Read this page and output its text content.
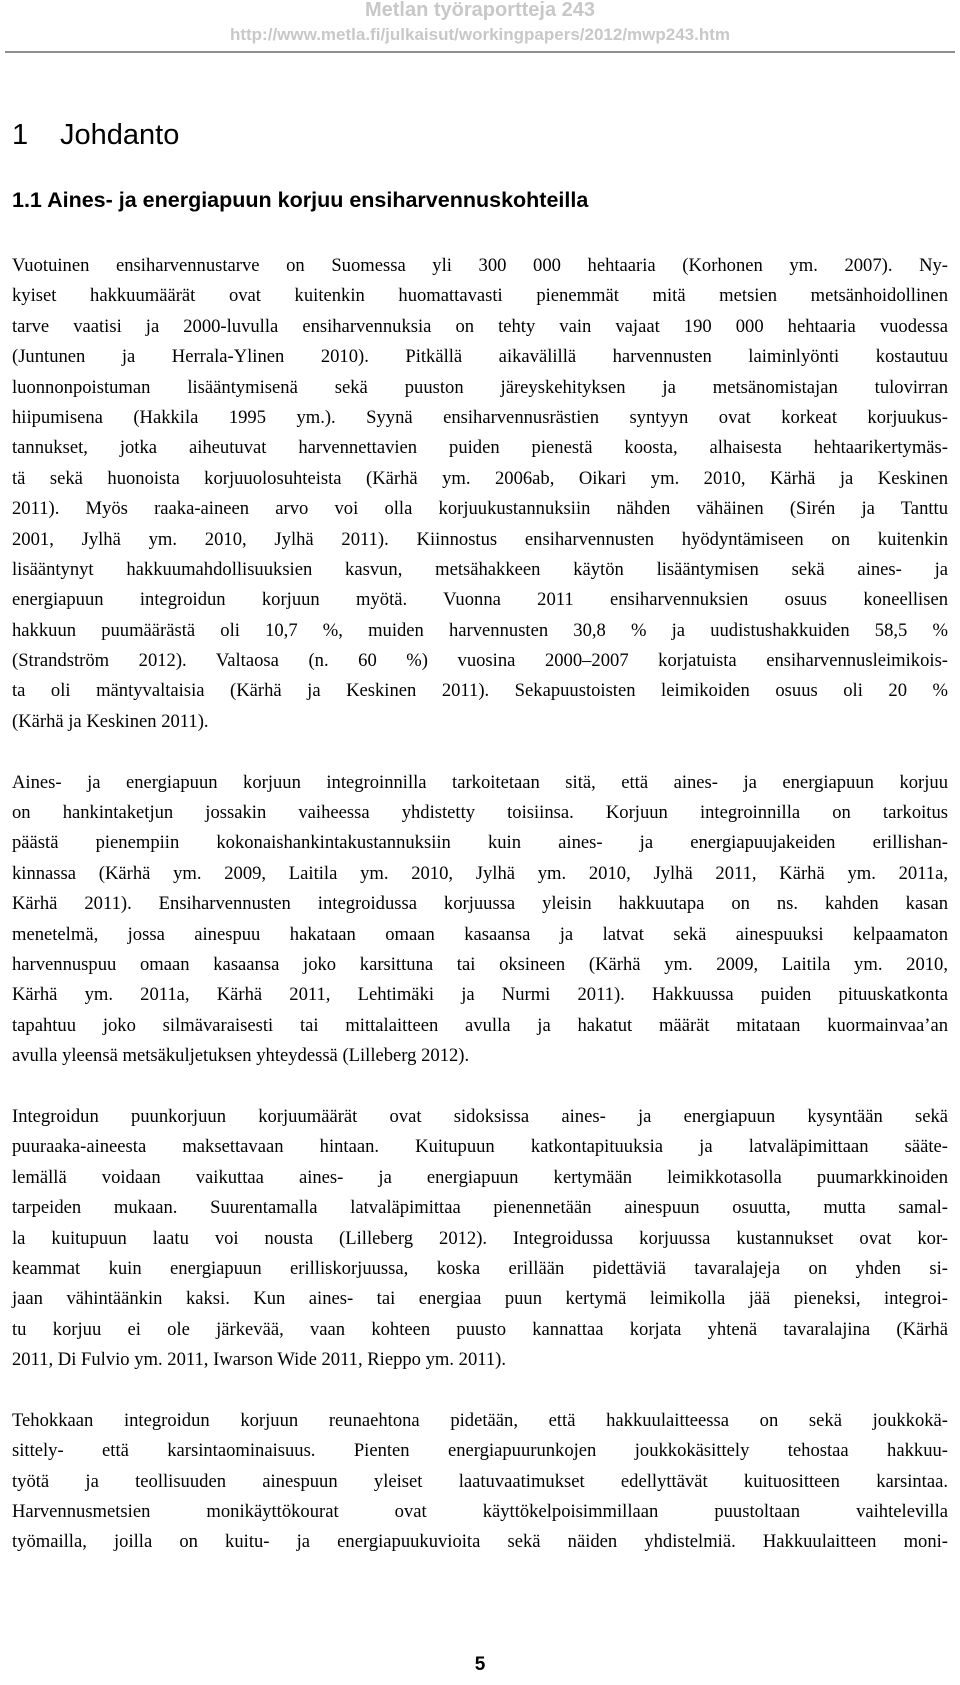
Metlan työraportteja 243
http://www.metla.fi/julkaisut/workingpapers/2012/mwp243.htm
1 Johdanto
1.1 Aines- ja energiapuun korjuu ensiharvennuskohteilla
Vuotuinen ensiharvennustarve on Suomessa yli 300 000 hehtaaria (Korhonen ym. 2007). Ny-
kyiset hakkuumäärät ovat kuitenkin huomattavasti pienemmät mitä metsien metsänhoidollinen
tarve vaatisi ja 2000-luvulla ensiharvennuksia on tehty vain vajaat 190 000 hehtaaria vuodessa
(Juntunen ja Herrala-Ylinen 2010). Pitkällä aikavälillä harvennusten laiminlyönti kostautuu
luonnonpoistuman lisääntymisenä sekä puuston järeyskehityksen ja metsänomistajan tulovirran
hiipumisena (Hakkila 1995 ym.). Syynä ensiharvennusrästien syntyyn ovat korkeat korjuukus-
tannukset, jotka aiheutuvat harvennettavien puiden pienestä koosta, alhaisesta hehtaarikertymäs-
tä sekä huonoista korjuuolosuhteista (Kärhä ym. 2006ab, Oikari ym. 2010, Kärhä ja Keskinen
2011). Myös raaka-aineen arvo voi olla korjuukustannuksiin nähden vähäinen (Sirén ja Tanttu
2001, Jylhä ym. 2010, Jylhä 2011). Kiinnostus ensiharvennusten hyödyntämiseen on kuitenkin
lisääntynyt hakkuumahdollisuuksien kasvun, metsähakkeen käytön lisääntymisen sekä aines- ja
energiapuun integroidun korjuun myötä. Vuonna 2011 ensiharvennuksien osuus koneellisen
hakkuun puumäärästä oli 10,7 %, muiden harvennusten 30,8 % ja uudistushakkuiden 58,5 %
(Strandström 2012). Valtaosa (n. 60 %) vuosina 2000–2007 korjatuista ensiharvennusleimikois-
ta oli mäntyvaltaisia (Kärhä ja Keskinen 2011). Sekapuustoisten leimikoiden osuus oli 20 %
(Kärhä ja Keskinen 2011).
Aines- ja energiapuun korjuun integroinnilla tarkoitetaan sitä, että aines- ja energiapuun korjuu
on hankintaketjun jossakin vaiheessa yhdistetty toisiinsa. Korjuun integroinnilla on tarkoitus
päästä pienempiin kokonaishankintakustannuksiin kuin aines- ja energiapuujakeiden erillishan-
kinnassa (Kärhä ym. 2009, Laitila ym. 2010, Jylhä ym. 2010, Jylhä 2011, Kärhä ym. 2011a,
Kärhä 2011). Ensiharvennusten integroidussa korjuussa yleisin hakkuutapa on ns. kahden kasan
menetelmä, jossa ainespuu hakataan omaan kasaansa ja latvat sekä ainespuuksi kelpaamaton
harvennuspuu omaan kasaansa joko karsittuna tai oksineen (Kärhä ym. 2009, Laitila ym. 2010,
Kärhä ym. 2011a, Kärhä 2011, Lehtimäki ja Nurmi 2011). Hakkuussa puiden pituuskatkonta
tapahtuu joko silmävaraisesti tai mittalaitteen avulla ja hakatut määrät mitataan kuormainvaa’an
avulla yleensä metsäkuljetuksen yhteydessä (Lilleberg 2012).
Integroidun puunkorjuun korjuumäärät ovat sidoksissa aines- ja energiapuun kysyntään sekä
puuraaka-aineesta maksettavaan hintaan. Kuitupuun katkontapituuksia ja latvaläpimittaan sääte-
lemällä voidaan vaikuttaa aines- ja energiapuun kertymään leimikkotasolla puumarkkinoiden
tarpeiden mukaan. Suurentamalla latvaläpimittaa pienennetään ainespuun osuutta, mutta samal-
la kuitupuun laatu voi nousta (Lilleberg 2012). Integroidussa korjuussa kustannukset ovat kor-
keammat kuin energiapuun erilliskorjuussa, koska erillään pidettäviä tavaralajeja on yhden si-
jaan vähintäänkin kaksi. Kun aines- tai energiaa puun kertymä leimikolla jää pieneksi, integroi-
tu korjuu ei ole järkevää, vaan kohteen puusto kannattaa korjata yhtenä tavaralajina (Kärhä
2011, Di Fulvio ym. 2011, Iwarson Wide 2011, Rieppo ym. 2011).
Tehokkaan integroidun korjuun reunaehtona pidetään, että hakkuulaitteessa on sekä joukkokä-
sittely- että karsintaominaisuus. Pienten energiapuurunkojen joukkokäsittely tehostaa hakkuu-
työtä ja teollisuuden ainespuun yleiset laatuvaatimukset edellyttävät kuituositteen karsintaa.
Harvennusmetsien monikäyttökourat ovat käyttökelpoisimmillaan puustoltaan vaihtelevilla
työmailla, joilla on kuitu- ja energiapuukuvioita sekä näiden yhdistelmiä. Hakkuulaitteen moni-
5
